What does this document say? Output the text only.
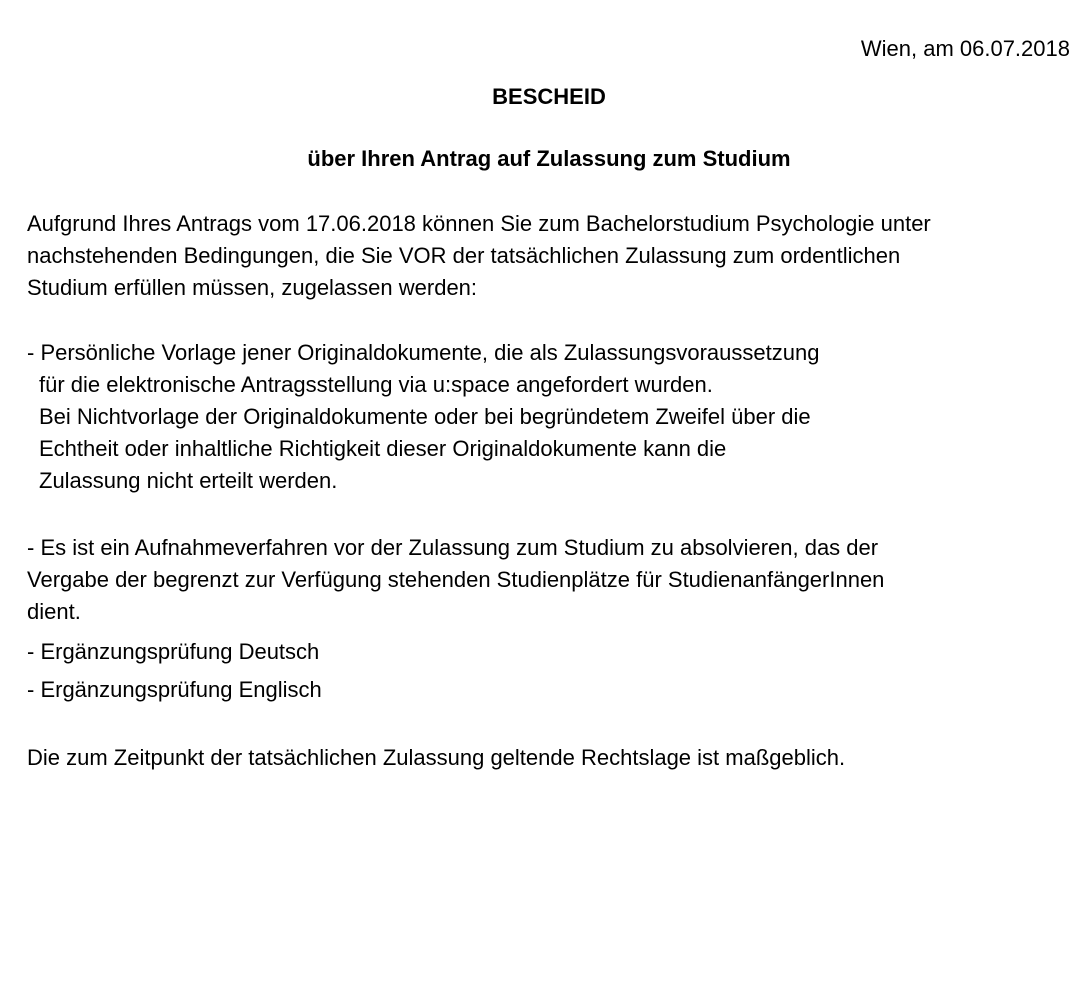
Wien, am 06.07.2018
BESCHEID
über Ihren Antrag auf Zulassung zum Studium
Aufgrund Ihres Antrags vom 17.06.2018 können Sie zum Bachelorstudium Psychologie unter
nachstehenden Bedingungen, die Sie VOR der tatsächlichen Zulassung zum ordentlichen
Studium erfüllen müssen, zugelassen werden:
- Persönliche Vorlage jener Originaldokumente, die als Zulassungsvoraussetzung
für die elektronische Antragsstellung via u:space angefordert wurden.
Bei Nichtvorlage der Originaldokumente oder bei begründetem Zweifel über die
Echtheit oder inhaltliche Richtigkeit dieser Originaldokumente kann die
Zulassung nicht erteilt werden.
- Es ist ein Aufnahmeverfahren vor der Zulassung zum Studium zu absolvieren, das der
Vergabe der begrenzt zur Verfügung stehenden Studienplätze für StudienanfängerInnen
dient.
- Ergänzungsprüfung Deutsch
- Ergänzungsprüfung Englisch
Die zum Zeitpunkt der tatsächlichen Zulassung geltende Rechtslage ist maßgeblich.
